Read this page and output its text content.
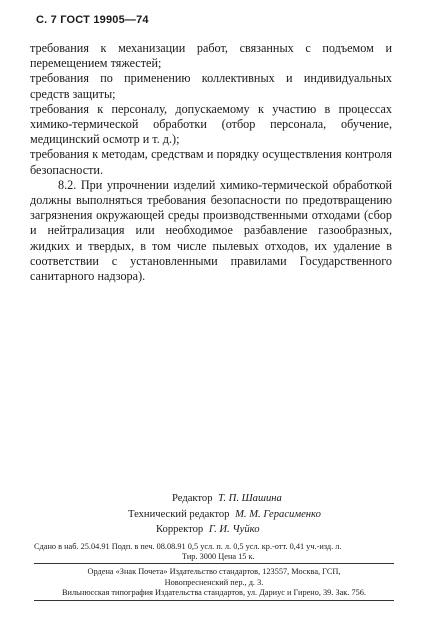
С. 7 ГОСТ 19905—74

требования к механизации работ, связанных с подъемом и перемещением тяжестей;

требования по применению коллективных и индивидуальных средств защиты;

требования к персоналу, допускаемому к участию в процессах химико-термической обработки (отбор персонала, обучение, медицинский осмотр и т. д.);

требования к методам, средствам и порядку осуществления контроля безопасности.

8.2. При упрочнении изделий химико-термической обработкой должны выполняться требования безопасности по предотвращению загрязнения окружающей среды производственными отходами (сбор и нейтрализация или необходимое разбавление газообразных, жидких и твердых, в том числе пылевых отходов, их удаление в соответствии с установленными правилами Государственного санитарного надзора).

Редактор Т. П. Шашина
Технический редактор М. М. Герасименко
Корректор Г. И. Чуйко
Сдано в наб. 25.04.91 Подп. в печ. 08.08.91 0,5 усл. п. л. 0,5 усл. кр.-отт. 0,41 уч.-изд. л.
Тир. 3000 Цена 15 к.
Ордена «Знак Почета» Издательство стандартов, 123557, Москва, ГСП,
Новопресненский пер., д. 3.
Вильнюсская типография Издательства стандартов, ул. Дариус и Гирено, 39. Зак. 756.
